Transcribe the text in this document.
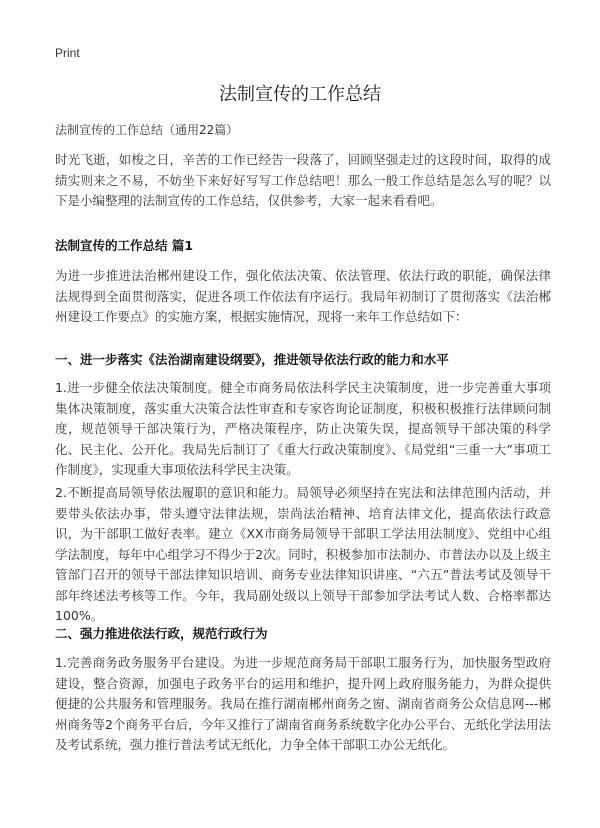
Print
法制宣传的工作总结
法制宣传的工作总结（通用22篇）

时光飞逝，如梭之日，辛苦的工作已经告一段落了，回顾坚强走过的这段时间，取得的成绩实则来之不易，不妨坐下来好好写写工作总结吧！那么一般工作总结是怎么写的呢？以下是小编整理的法制宣传的工作总结，仅供参考，大家一起来看看吧。

法制宣传的工作总结 篇1

为进一步推进法治郴州建设工作，强化依法决策、依法管理、依法行政的职能，确保法律法规得到全面贯彻落实，促进各项工作依法有序运行。我局年初制订了贯彻落实《法治郴州建设工作要点》的实施方案，根据实施情况，现将一来年工作总结如下：

一、进一步落实《法治湖南建设纲要》，推进领导依法行政的能力和水平

1.进一步健全依法决策制度。健全市商务局依法科学民主决策制度，进一步完善重大事项集体决策制度，落实重大决策合法性审查和专家咨询论证制度，积极积极推行法律顾问制度，规范领导干部决策行为，严格决策程序，防止决策失误，提高领导干部决策的科学化、民主化、公开化。我局先后制订了《重大行政决策制度》、《局党组“三重一大”事项工作制度》，实现重大事项依法科学民主决策。

2.不断提高局领导依法履职的意识和能力。局领导必须坚持在宪法和法律范围内活动，并要带头依法办事，带头遵守法律法规，崇尚法治精神、培育法律文化，提高依法行政意识，为干部职工做好表率。建立《XX市商务局领导干部职工学法用法制度》、党组中心组学法制度，每年中心组学习不得少于2次。同时，积极参加市法制办、市普法办以及上级主管部门召开的领导干部法律知识培训、商务专业法律知识讲座、“六五”普法考试及领导干部年终述法考核等工作。今年，我局副处级以上领导干部参加学法考试人数、合格率都达100%。

二、强力推进依法行政，规范行政行为

1.完善商务政务服务平台建设。为进一步规范商务局干部职工服务行为，加快服务型政府建设，整合资源，加强电子政务平台的运用和维护，提升网上政府服务能力，为群众提供便捷的公共服务和管理服务。我局在推行湖南郴州商务之窗、湖南省商务公众信息网---郴州商务等2个商务平台后，今年又推行了湖南省商务系统数字化办公平台、无纸化学法用法及考试系统，强力推行普法考试无纸化，力争全体干部职工办公无纸化。
